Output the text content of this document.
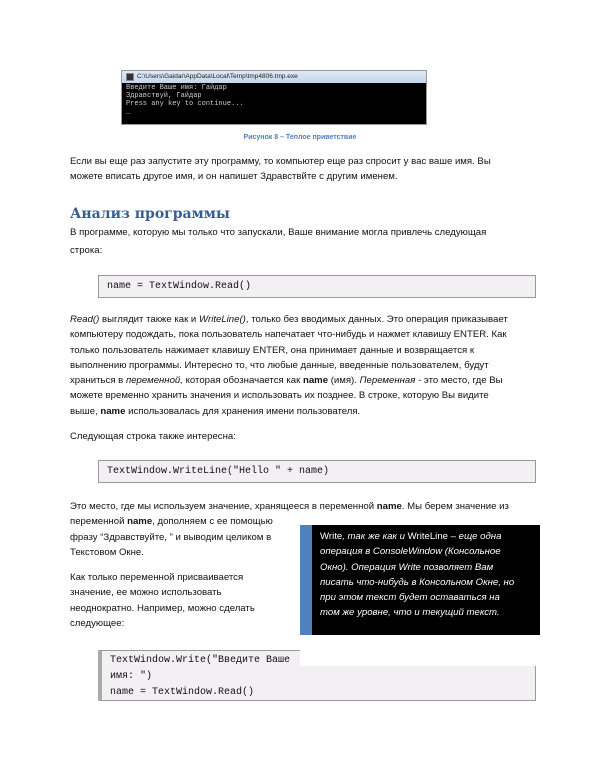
C:\Users\Gaidar\AppData\Local\Temp\tmp4806.tmp.exe
Введите Ваше имя: Гайдар
Здравствуй, Гайдар
Press any key to continue...
_
Рисунок 8 – Теплое приветствие
Если вы еще раз запустите эту программу, то компьютер еще раз спросит у вас ваше имя. Вы
можете вписать другое имя, и он напишет Здравствйте с другим именем.
Анализ программы
В программе, которую мы только что запускали, Ваше внимание могла привлечь следующая
строка:
name = TextWindow.Read()
Read() выглядит также как и WriteLine(), только без вводимых данных. Это операция приказывает
компьютеру подождать, пока пользователь напечатает что-нибудь и нажмет клавишу ENTER. Как
только пользователь нажимает клавишу ENTER, она принимает данные и возвращается к
выполнению программы. Интересно то, что любые данные, введенные пользователем, будут
храниться в переменной, которая обозначается как name (имя). Переменная - это место, где Вы
можете временно хранить значения и использовать их позднее. В строке, которую Вы видите
выше, name использовалась для хранения имени пользователя.
Следующая строка также интересна:
TextWindow.WriteLine("Hello " + name)
Это место, где мы используем значение, хранящееся в переменной name. Мы берем значение из
переменной name, дополняем с ее помощью
фразу “Здравствуйте, ” и выводим целиком в
Текстовом Окне.
Как только переменной присваивается
значение, ее можно использовать
неоднократно. Например, можно сделать
следующее:
Write, так же как и WriteLine – еще одна
операция в ConsoleWindow (Консольное
Окно). Операция Write позволяет Вам
писать что-нибудь в Консольном Окне, но
при этом текст будет оставаться на
том же уровне, что и текущий текст.
TextWindow.Write("Введите Ваше
имя: ")
name = TextWindow.Read()
